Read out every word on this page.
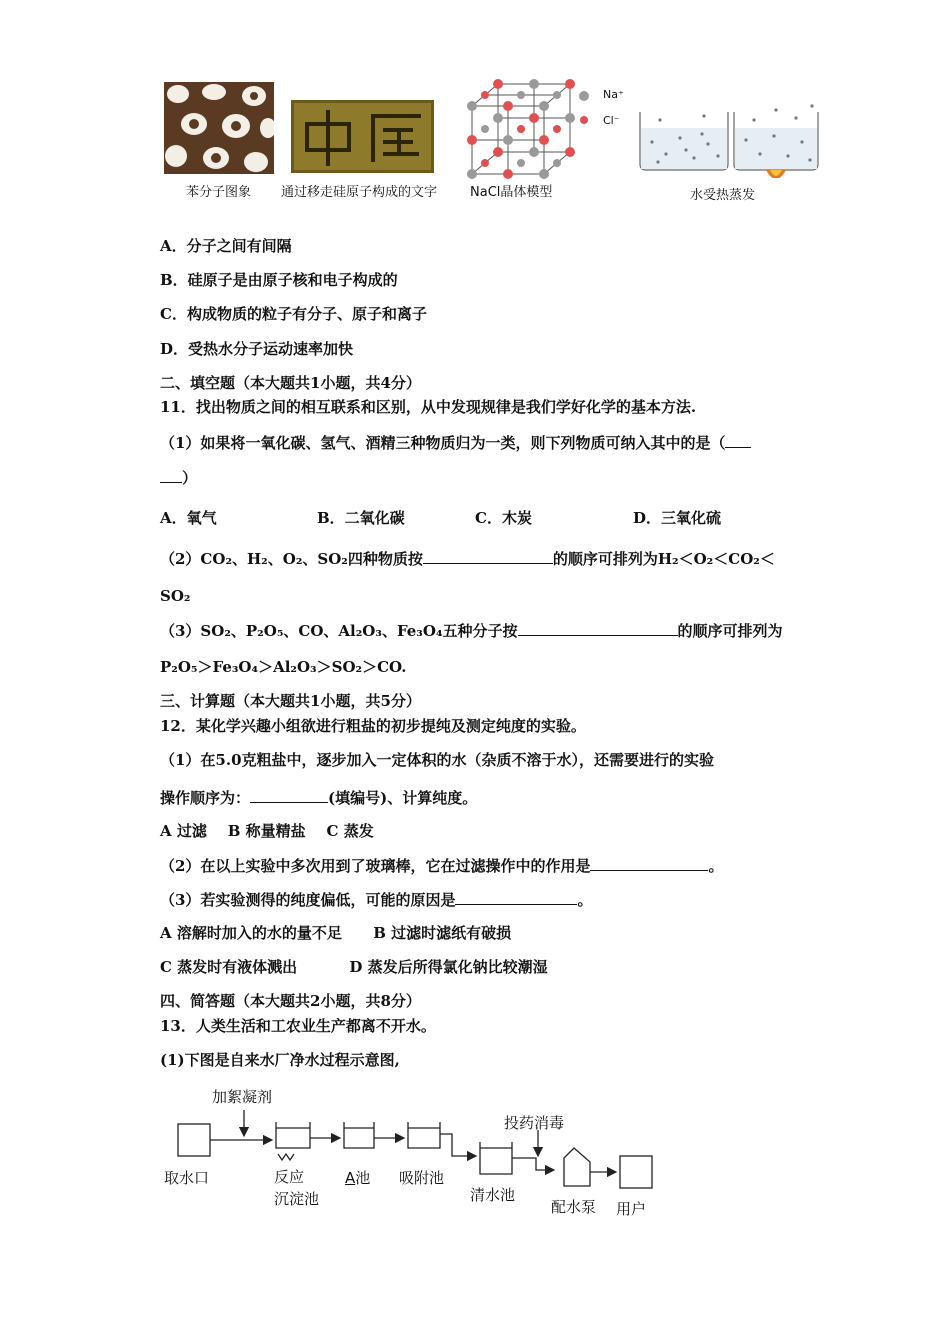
Na⁺
Cl⁻
苯分子图象 通过移走硅原子构成的文字	NaCl晶体模型	水受热蒸发
A．分子之间有间隔
B．硅原子是由原子核和电子构成的
C．构成物质的粒子有分子、原子和离子
D．受热水分子运动速率加快
二、填空题（本大题共1小题，共4分）
11．找出物质之间的相互联系和区别，从中发现规律是我们学好化学的基本方法.
（1）如果将一氧化碳、氢气、酒精三种物质归为一类，则下列物质可纳入其中的是（
）
A．氧气	B．二氧化碳	C．木炭	D．三氧化硫
（2）CO₂、H₂、O₂、SO₂四种物质按	的顺序可排列为H₂＜O₂＜CO₂＜
SO₂
（3）SO₂、P₂O₅、CO、Al₂O₃、Fe₃O₄五种分子按	的顺序可排列为
P₂O₅＞Fe₃O₄＞Al₂O₃＞SO₂＞CO.
三、计算题（本大题共1小题，共5分）
12．某化学兴趣小组欲进行粗盐的初步提纯及测定纯度的实验。
（1）在5.0克粗盐中，逐步加入一定体积的水（杂质不溶于水），还需要进行的实验
操作顺序为：	(填编号)、计算纯度。
A 过滤    B 称量精盐    C 蒸发
（2）在以上实验中多次用到了玻璃棒，它在过滤操作中的作用是	。
（3）若实验测得的纯度偏低，可能的原因是	。
A 溶解时加入的水的量不足      B 过滤时滤纸有破损
C 蒸发时有液体溅出          D 蒸发后所得氯化钠比较潮湿
四、简答题（本大题共2小题，共8分）
13．人类生活和工农业生产都离不开水。
(1)下图是自来水厂净水过程示意图,
加絮凝剂
投药消毒
取水口	反应
沉淀池
A池 吸附池
清水池
配水泵 用户
